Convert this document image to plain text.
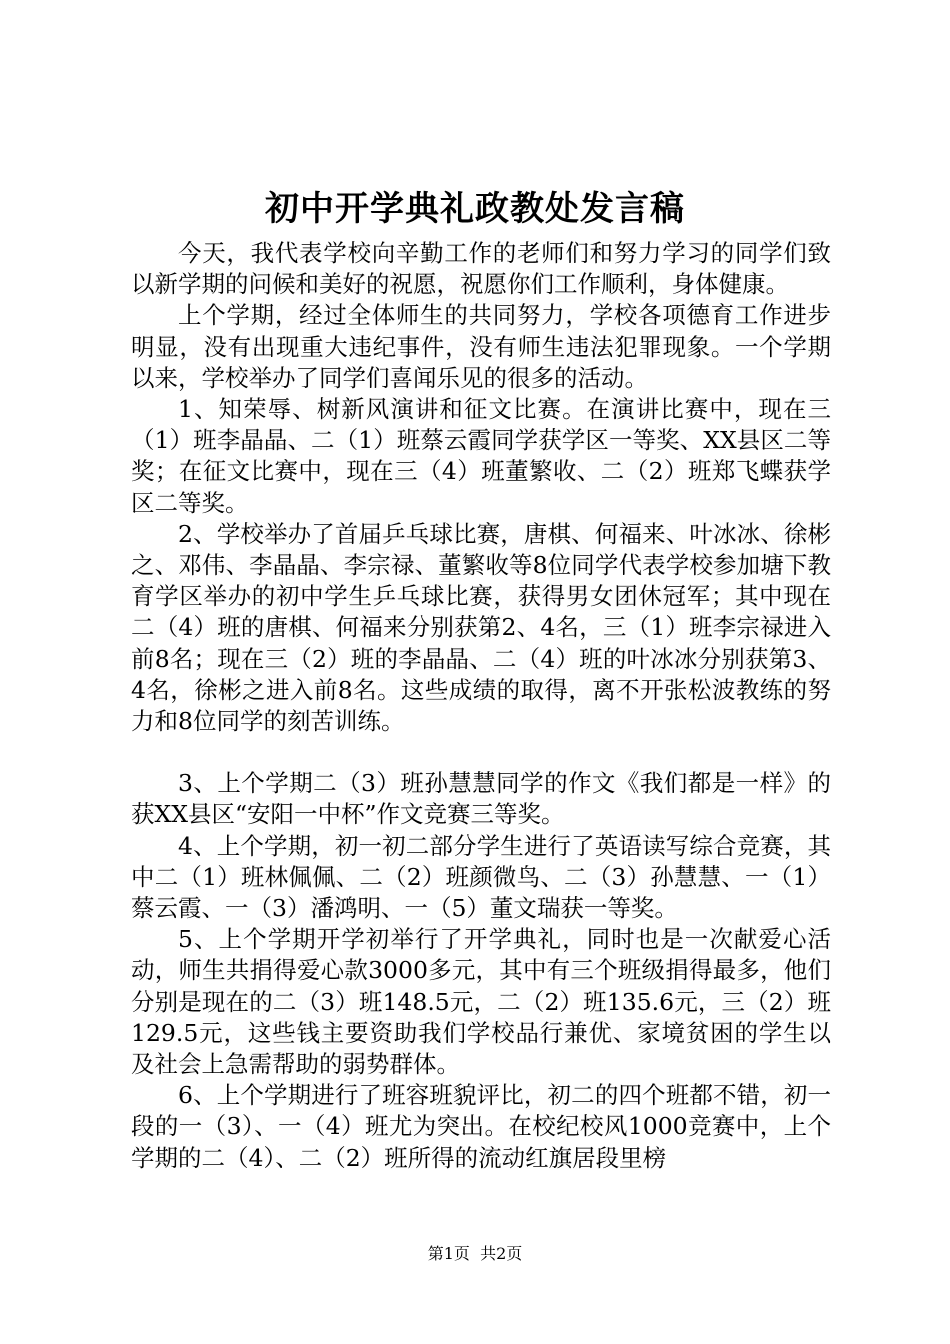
初中开学典礼政教处发言稿

今天，我代表学校向辛勤工作的老师们和努力学习的同学们致以新学期的问候和美好的祝愿，祝愿你们工作顺利，身体健康。

上个学期，经过全体师生的共同努力，学校各项德育工作进步明显，没有出现重大违纪事件，没有师生违法犯罪现象。一个学期以来，学校举办了同学们喜闻乐见的很多的活动。

1、知荣辱、树新风演讲和征文比赛。在演讲比赛中，现在三（1）班李晶晶、二（1）班蔡云霞同学获学区一等奖、XX县区二等奖；在征文比赛中，现在三（4）班董繁收、二（2）班郑飞蝶获学区二等奖。

2、学校举办了首届乒乓球比赛，唐棋、何福来、叶冰冰、徐彬之、邓伟、李晶晶、李宗禄、董繁收等8位同学代表学校参加塘下教育学区举办的初中学生乒乓球比赛，获得男女团休冠军；其中现在二（4）班的唐棋、何福来分别获第2、4名，三（1）班李宗禄进入前8名；现在三（2）班的李晶晶、二（4）班的叶冰冰分别获第3、4名，徐彬之进入前8名。这些成绩的取得，离不开张松波教练的努力和8位同学的刻苦训练。

3、上个学期二（3）班孙慧慧同学的作文《我们都是一样》的获XX县区“安阳一中杯”作文竞赛三等奖。

4、上个学期，初一初二部分学生进行了英语读写综合竞赛，其中二（1）班林佩佩、二（2）班颜微鸟、二（3）孙慧慧、一（1）蔡云霞、一（3）潘鸿明、一（5）董文瑞获一等奖。

5、上个学期开学初举行了开学典礼，同时也是一次献爱心活动，师生共捐得爱心款3000多元，其中有三个班级捐得最多，他们分别是现在的二（3）班148.5元，二（2）班135.6元，三（2）班129.5元，这些钱主要资助我们学校品行兼优、家境贫困的学生以及社会上急需帮助的弱势群体。

6、上个学期进行了班容班貌评比，初二的四个班都不错，初一段的一（3）、一（4）班尤为突出。在校纪校风1000竞赛中，上个学期的二（4）、二（2）班所得的流动红旗居段里榜

第1页  共2页
